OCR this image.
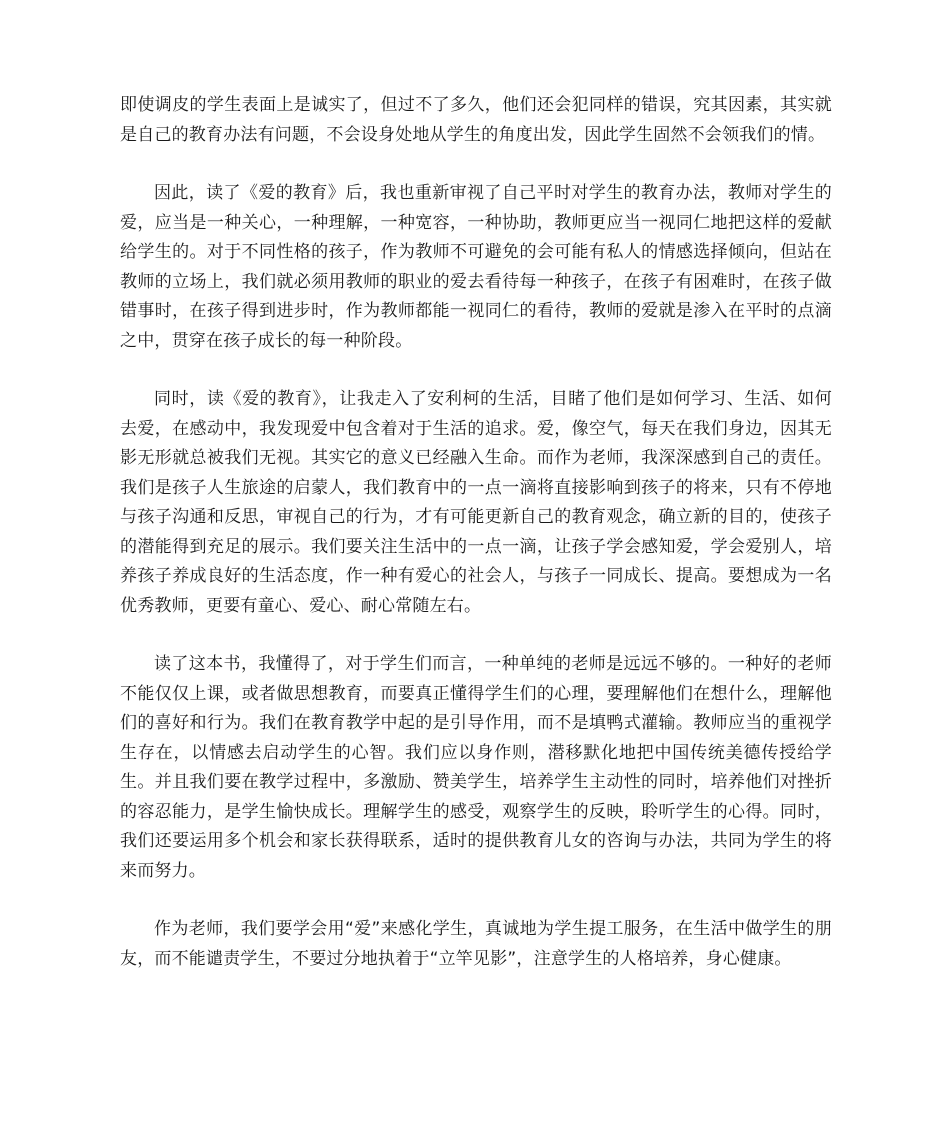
即使调皮的学生表面上是诚实了，但过不了多久，他们还会犯同样的错误，究其因素，其实就是自己的教育办法有问题，不会设身处地从学生的角度出发，因此学生固然不会领我们的情。

因此，读了《爱的教育》后，我也重新审视了自己平时对学生的教育办法，教师对学生的爱，应当是一种关心，一种理解，一种宽容，一种协助，教师更应当一视同仁地把这样的爱献给学生的。对于不同性格的孩子，作为教师不可避免的会可能有私人的情感选择倾向，但站在教师的立场上，我们就必须用教师的职业的爱去看待每一种孩子，在孩子有困难时，在孩子做错事时，在孩子得到进步时，作为教师都能一视同仁的看待，教师的爱就是渗入在平时的点滴之中，贯穿在孩子成长的每一种阶段。

同时，读《爱的教育》，让我走入了安利柯的生活，目睹了他们是如何学习、生活、如何去爱，在感动中，我发现爱中包含着对于生活的追求。爱，像空气，每天在我们身边，因其无影无形就总被我们无视。其实它的意义已经融入生命。而作为老师，我深深感到自己的责任。我们是孩子人生旅途的启蒙人，我们教育中的一点一滴将直接影响到孩子的将来，只有不停地与孩子沟通和反思，审视自己的行为，才有可能更新自己的教育观念，确立新的目的，使孩子的潜能得到充足的展示。我们要关注生活中的一点一滴，让孩子学会感知爱，学会爱别人，培养孩子养成良好的生活态度，作一种有爱心的社会人，与孩子一同成长、提高。要想成为一名优秀教师，更要有童心、爱心、耐心常随左右。

读了这本书，我懂得了，对于学生们而言，一种单纯的老师是远远不够的。一种好的老师不能仅仅上课，或者做思想教育，而要真正懂得学生们的心理，要理解他们在想什么，理解他们的喜好和行为。我们在教育教学中起的是引导作用，而不是填鸭式灌输。教师应当的重视学生存在，以情感去启动学生的心智。我们应以身作则，潜移默化地把中国传统美德传授给学生。并且我们要在教学过程中，多激励、赞美学生，培养学生主动性的同时，培养他们对挫折的容忍能力，是学生愉快成长。理解学生的感受，观察学生的反映，聆听学生的心得。同时，我们还要运用多个机会和家长获得联系，适时的提供教育儿女的咨询与办法，共同为学生的将来而努力。

作为老师，我们要学会用“爱”来感化学生，真诚地为学生提工服务，在生活中做学生的朋友，而不能谴责学生，不要过分地执着于“立竿见影”，注意学生的人格培养，身心健康。
